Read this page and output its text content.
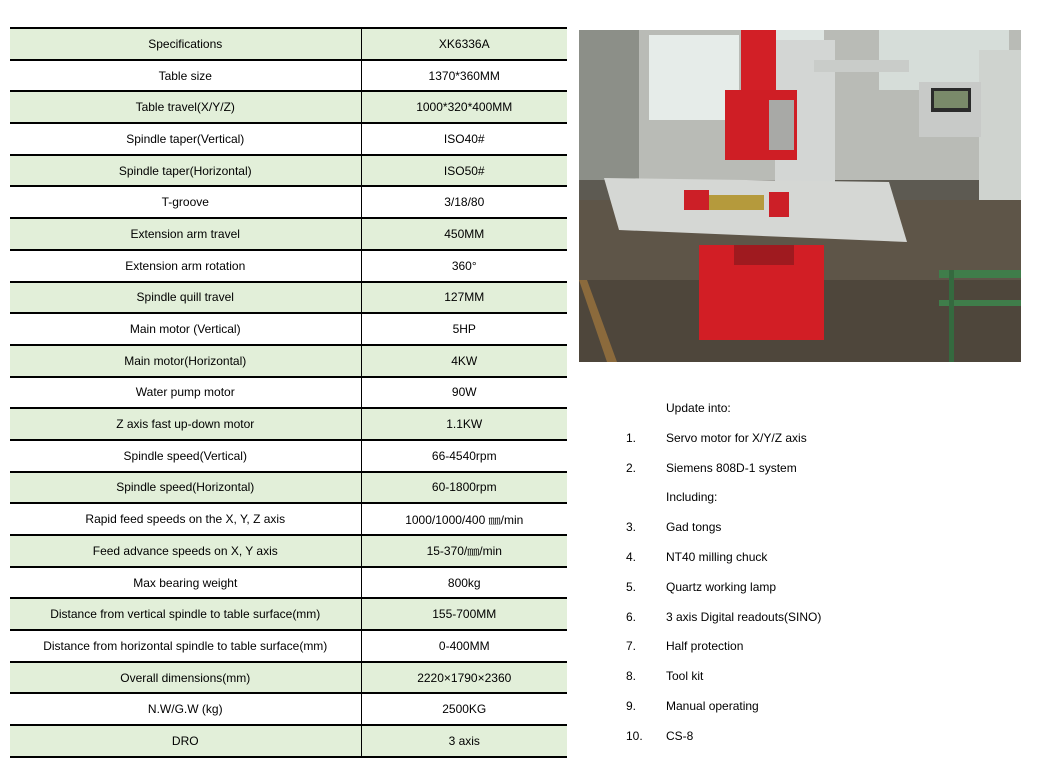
Specifications	XK6336A
Table size	1370*360MM
Table travel(X/Y/Z)	1000*320*400MM
Spindle taper(Vertical)	ISO40#
Spindle taper(Horizontal)	ISO50#
T-groove	3/18/80
Extension arm travel	450MM
Extension arm rotation	360°
Spindle quill travel	127MM
Main motor (Vertical)	5HP
Main motor(Horizontal)	4KW
Water pump motor	90W
Z axis fast up-down motor	1.1KW
Spindle speed(Vertical)	66-4540rpm
Spindle speed(Horizontal)	60-1800rpm
Rapid feed speeds on the X, Y, Z axis	1000/1000/400 ㎜/min
Feed advance speeds on X, Y axis	15-370/㎜/min
Max bearing weight	800kg
Distance from vertical spindle to table surface(mm)	155-700MM
Distance from horizontal spindle to table surface(mm)	0-400MM
Overall dimensions(mm)	2220×1790×2360
N.W/G.W (kg)	2500KG
DRO	3 axis
Update into:
1. Servo motor for X/Y/Z axis
2. Siemens 808D-1 system
Including:
3. Gad tongs
4. NT40 milling chuck
5. Quartz working lamp
6. 3 axis Digital readouts(SINO)
7. Half protection
8. Tool kit
9. Manual operating
10. CS-8
